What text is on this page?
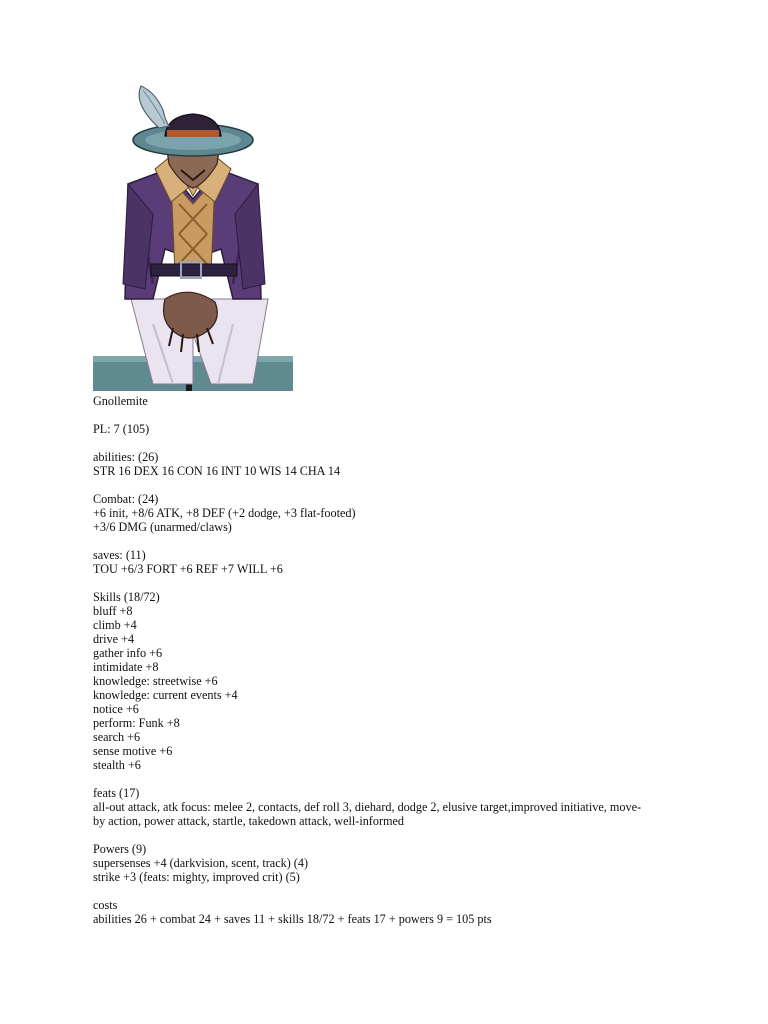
Gnollemite
PL: 7 (105)
abilities: (26)
STR 16 DEX 16 CON 16 INT 10 WIS 14 CHA 14
Combat: (24)
+6 init, +8/6 ATK, +8 DEF (+2 dodge, +3 flat-footed)
+3/6 DMG (unarmed/claws)
saves: (11)
TOU +6/3 FORT +6 REF +7 WILL +6
Skills (18/72)
bluff +8
climb +4
drive +4
gather info +6
intimidate +8
knowledge: streetwise +6
knowledge: current events +4
notice +6
perform: Funk +8
search +6
sense motive +6
stealth +6
feats (17)
all-out attack, atk focus: melee 2, contacts, def roll 3, diehard, dodge 2, elusive target,improved initiative, move-
by action, power attack, startle, takedown attack, well-informed
Powers (9)
supersenses +4 (darkvision, scent, track) (4)
strike +3 (feats: mighty, improved crit) (5)
costs
abilities 26 + combat 24 + saves 11 + skills 18/72 + feats 17 + powers 9 = 105 pts
